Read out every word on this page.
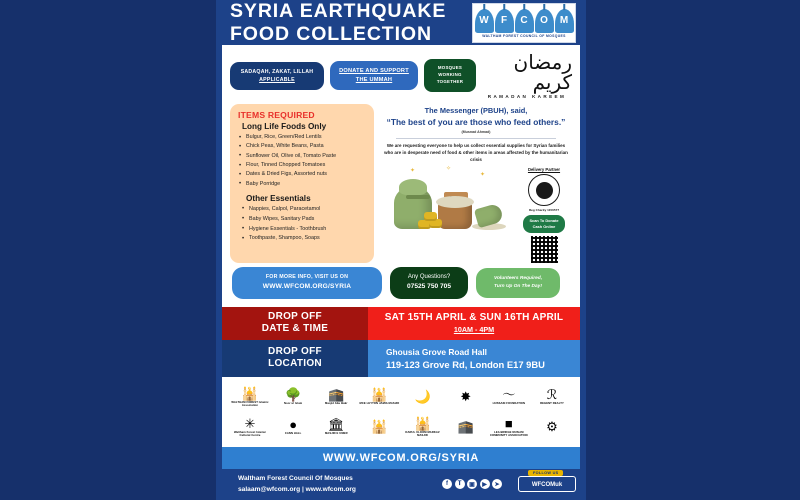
SYRIA EARTHQUAKE
FOOD COLLECTION
W	F	C	O	M
WALTHAM FOREST COUNCIL OF MOSQUES
SADAQAH, ZAKAT, LILLAH
APPLICABLE
DONATE AND SUPPORT
THE UMMAH
MOSQUES
WORKING
TOGETHER
رمضان كريم
RAMADAN KAREEM
ITEMS REQUIRED
Long Life Foods Only
• Bulgur, Rice, Green/Red Lentils
• Chick Peas, White Beans, Pasta
• Sunflower Oil, Olive oil, Tomato Paste
• Flour, Tinned Chopped Tomatoes
• Dates & Dried Figs, Assorted nuts
• Baby Porridge
Other Essentials
• Nappies, Calpol, Paracetamol
• Baby Wipes, Sanitary Pads
• Hygiene Essentials - Toothbrush
• Toothpaste, Shampoo, Soaps
The Messenger (PBUH), said,
“The best of you are those who feed others.”
(Musnad Ahmad)
We are requesting everyone to help us collect essential supplies for Syrian families who are in desperate need of food & other items in areas affected by the humanitarian crisis
✦
✦
✧	Delivery Partner
Reg Charity 1156577
Scan To Donate
Cash Online
FOR MORE INFO, VISIT US ON
WWW.WFCOM.ORG/SYRIA
Any Questions?
07525 750 705
Volunteers Required,
Turn Up On The Day!
DROP OFF
DATE & TIME
SAT 15TH APRIL & SUN 16TH APRIL
10AM - 4PM
DROP OFF
LOCATION
Ghousia Grove Road Hall
119-123 Grove Rd, London E17 9BU
🕌
WALTHAM FOREST Islamic Association
🌳
Noor ul Islam
🕋
Masjid Abu Bakr
🕌
MCE LEYTON JAMIA MASJID 🌙 ✸ 〜
HUSSAIN FOUNDATION
ℛ
REGENT REALTY
✳
Waltham Forest Islamic Cultural Centre
●
CANN HALL
🏛
MASJID E UMER 🕌 🕌
DARUL ULOOM MARKAZ MASJID
🕋 ■
LEA BRIDGE MUSLIM COMMUNITY ASSOCIATION
⚙
WWW.WFCOM.ORG/SYRIA
Waltham Forest Council Of Mosques
salaam@wfcom.org | www.wfcom.org
f	𝐓	▣	▶	➤
FOLLOW US
WFCOMuk
